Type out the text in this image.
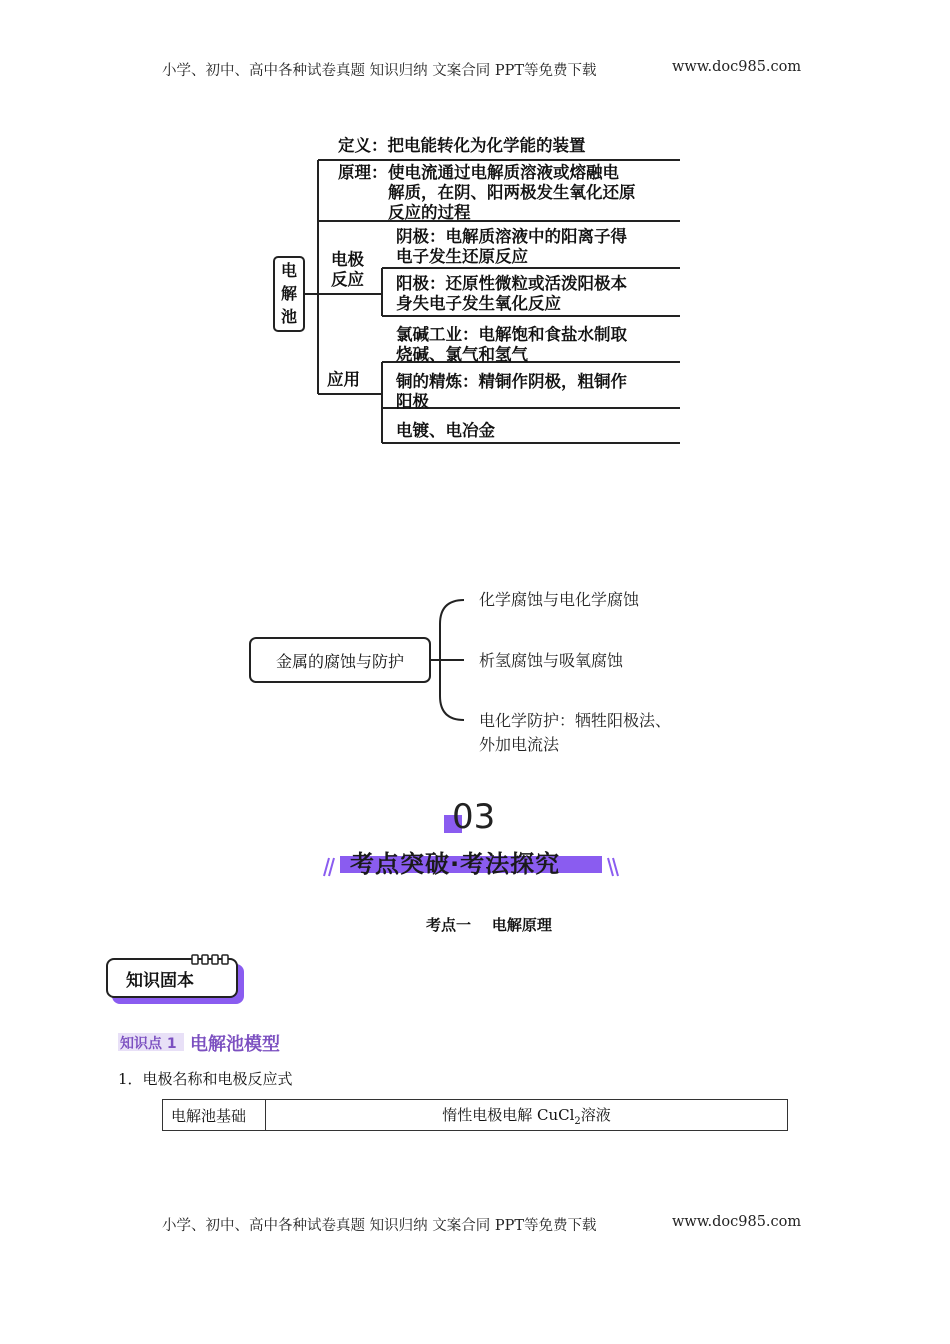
小学、初中、高中各种试卷真题 知识归纳 文案合同 PPT等免费下载	www.doc985.com
电
解
池
定义：把电能转化为化学能的装置
原理： 使电流通过电解质溶液或熔融电
解质，在阴、阳两极发生氧化还原
反应的过程
电极
反应
阴极：电解质溶液中的阳离子得
电子发生还原反应
阳极：还原性微粒或活泼阳极本
身失电子发生氧化反应
应用
氯碱工业：电解饱和食盐水制取
烧碱、氯气和氢气
铜的精炼：精铜作阴极，粗铜作
阳极
电镀、电冶金
金属的腐蚀与防护
化学腐蚀与电化学腐蚀
析氢腐蚀与吸氧腐蚀
电化学防护：牺牲阳极法、
外加电流法
03
考点突破·考法探究
考点一    电解原理
知识固本
知识点 1 电解池模型
1．电极名称和电极反应式
电解池基础	惰性电极电解 CuCl$_2$溶液
小学、初中、高中各种试卷真题 知识归纳 文案合同 PPT等免费下载	www.doc985.com
